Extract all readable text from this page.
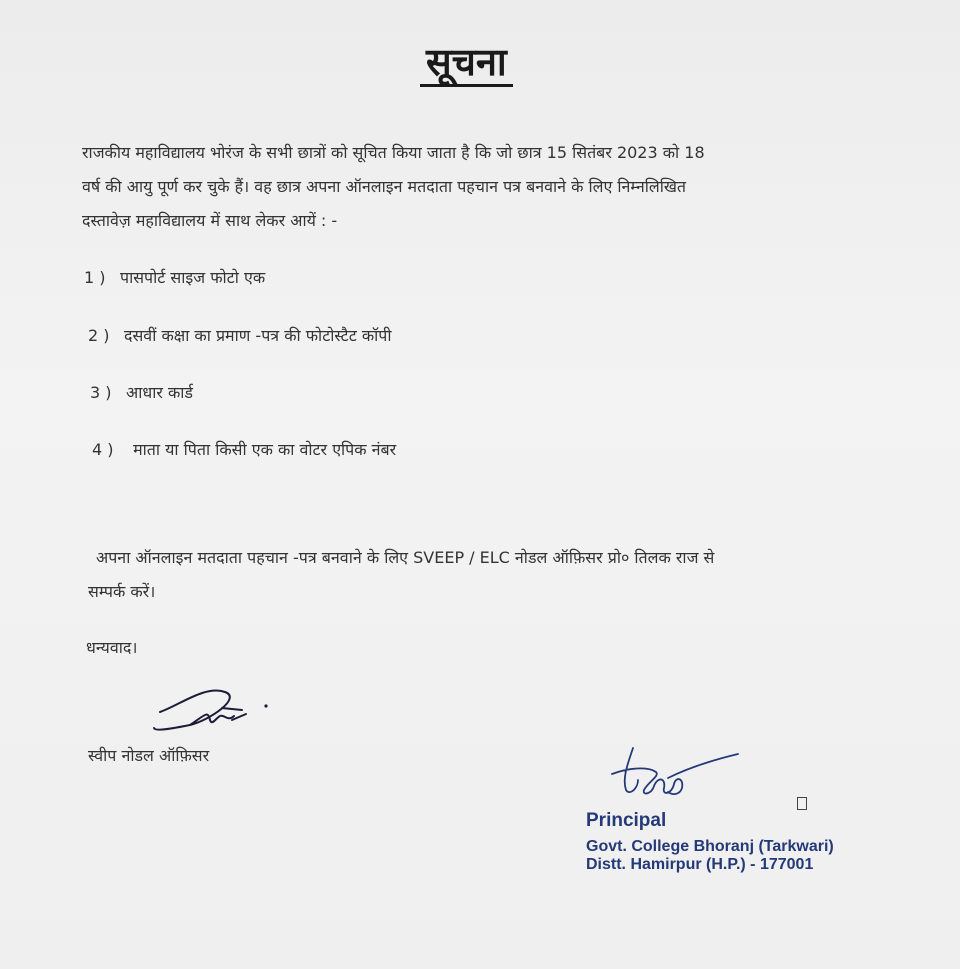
सूचना
राजकीय महाविद्यालय भोरंज के सभी छात्रों को सूचित किया जाता है कि जो छात्र 15 सितंबर 2023 को 18
वर्ष की आयु पूर्ण कर चुके हैं। वह छात्र अपना ऑनलाइन मतदाता पहचान पत्र बनवाने के लिए निम्नलिखित
दस्तावेज़ महाविद्यालय में साथ लेकर आयें : -
1 ) पासपोर्ट साइज फोटो एक
2 ) दसवीं कक्षा का प्रमाण -पत्र की फोटोस्टैट कॉपी
3 ) आधार कार्ड
4 ) माता या पिता किसी एक का वोटर एपिक नंबर
अपना ऑनलाइन मतदाता पहचान -पत्र बनवाने के लिए SVEEP / ELC नोडल ऑफ़िसर प्रो० तिलक राज से
सम्पर्क करें।
धन्यवाद।
स्वीप नोडल ऑफ़िसर
Principal
Govt. College Bhoranj (Tarkwari)
Distt. Hamirpur (H.P.) - 177001
